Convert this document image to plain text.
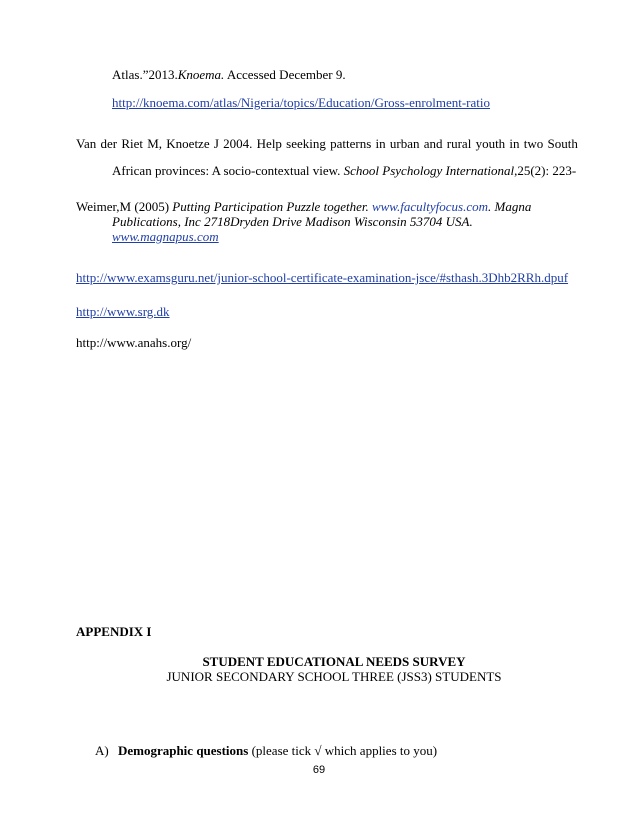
Atlas.”2013.Knoema. Accessed December 9.
http://knoema.com/atlas/Nigeria/topics/Education/Gross-enrolment-ratio
Van der Riet M, Knoetze J 2004. Help seeking patterns in urban and rural youth in two South
African provinces: A socio-contextual view. School Psychology International,25(2): 223-
Weimer,M (2005) Putting Participation Puzzle together. www.facultyfocus.com. Magna
Publications, Inc 2718Dryden Drive Madison Wisconsin 53704 USA.
www.magnapus.com
http://www.examsguru.net/junior-school-certificate-examination-jsce/#sthash.3Dhb2RRh.dpuf
http://www.srg.dk
http://www.anahs.org/
APPENDIX I
STUDENT EDUCATIONAL NEEDS SURVEY
JUNIOR SECONDARY SCHOOL THREE (JSS3) STUDENTS
A) Demographic questions (please tick √ which applies to you)
69
